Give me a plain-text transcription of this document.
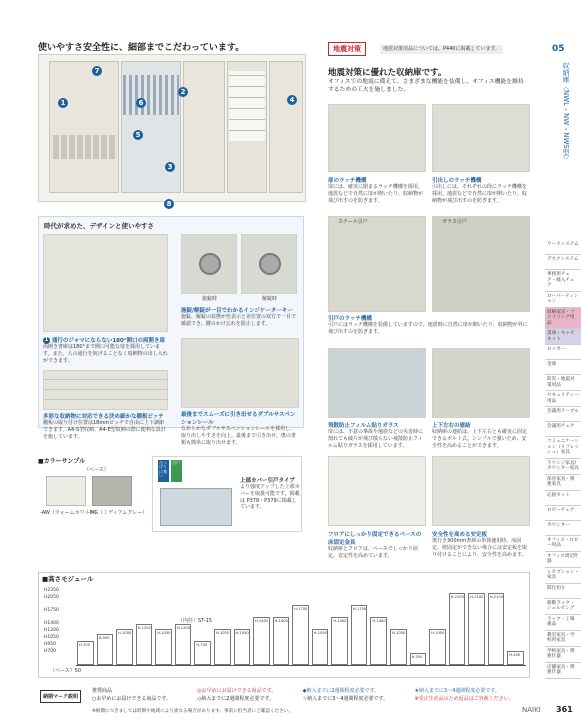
使いやすさ安全性に、細部までこだわっています。
1
2
3
4
5
6
7
8
時代が求めた、デザインと使いやすさ
1 通行のジャマにならない180°開口の両開き扉
両開き書庫は180°まで開口可能な扉を採用しています。また、人の通行を妨げることなく収納物の出し入れができます。
施錠時	解錠時
施錠/解錠が一目でわかるインジケーターキー
施錠、解錠の状態が色表示と差位置の双方で一目で確認でき、鍵のかけ忘れを防止します。
多彩な収納物に対応できる決め細かな棚板ピッチ
棚板の取り付け位置は18mmピッチで自由に上下調節できます。A4-S型収納、A4-E型収納の際に便利な設計を施しています。
最後までスムーズに引き出せるダブルサスペンションレール
なめらかなダブルサスペンションレールを採用し、取り出しやすさを向上。最後まで引き出せ、奥の書類も簡単に取り出せます。
■カラーサンプル
（ベース）
-AW（ウォームホワイト）
-MG（ミディアムグレー）
ひっぱりに強い
引戸
上部カバー引戸タイプ
より強度アップした上部カバーを取扱可能です。掲載は P378・P379に掲載しています。
地震対策	地震対策用品については、P440に掲載しています。
地震対策に優れた収納庫です。
オフィスでの地震に備えて、さまざまな機能を装備し、オフィス機能を維持するための工夫を施しました。
扉のラッチ機構
扉には、確実に閉まるラッチ機構を採用。地震などで自然に扉が開いたり、収納物が飛び出すのを防ぎます。
引出しのラッチ機構
引出しには、それぞれの段にラッチ機構を採用。地震などで自然に扉が開いたり、収納物が飛び出すのを防ぎます。
スチール引戸	ガラス引戸
引戸のラッチ機構
引戸にはラッチ機構を装備していますので、地震時に自然に扉が開いたり、収納物が外に飛び出すのを防ぎます。
飛散防止フィルム貼りガラス
扉には、不意の事故や地震などの災害時に割れても破片が飛び散らない飛散防止フィルム貼りガラスを採用しています。
上下左右の連結
収納庫の連結は、上下左右とも確実に固定できるボルト式。シンプルで強いため、安全性を高めることができます。
フロアにしっかり固定できるベースの床固定金具
収納庫とフロアは、ベースでしっかり固定。安定性を高めています。
安全性を高める安定板
奥行き300mm書庫の単体使用時、床固定、壁固定ができない場合には安定板を取り付けることにより、安全性を高めます。
■高さモジュール
H2350
H2050
H1750
H1400
H1200
H1050
H950
H700
（ベース）50
（内径）ST-15
H-700
H-900
H-1050
H-1200
H-1050
H-1200
H-700
H-1050 H-1050
H-1400 H-1400
H-1750
H-1050
H-1400
H-1750
H-1400
H-1050
H-350
H-1050
H-2100 H-2100 H-2100
H-400
納期マーク説明
推奨商品	◎お早めにお届けできる商品です。	◆納入までに2週間程度必要です。	★納入までに3〜4週間程度必要です。
○お早めにお届けできる商品です。	◇納入までに2週間程度必要です。	☆納入までに3〜4週間程度必要です。	※受注生産品のため返品はご容赦ください。
※納期につきましては時期や地域により異なる場合があります。事前に担当者にご確認ください。
05
収納庫〈NWL・NW・NWS型〉
ワークシステム
デスクシステム
事務用チェア・軽入チェア
ローパーティション
収納家具・ファイリング用品
書庫・キャビネット
ロッカー
金庫
防災・地震対策用品
セキュリティー用品
会議用テーブル
会議用チェア
コミュニケーション（リフレッシュ）家具
ラウンジ家具/カウンター家具
保育家具・関連家具
応接セット
ロビーチェア
カウンター
オフィス・ロビー用品
オフィス周辺什器
レセプション・家具
間仕切り
移動ラック・シェルビング
ラック・工場備品
教室家具・学校用家具
学校家具・関連什器
店舗家具・関連什器
NAIKI 361
